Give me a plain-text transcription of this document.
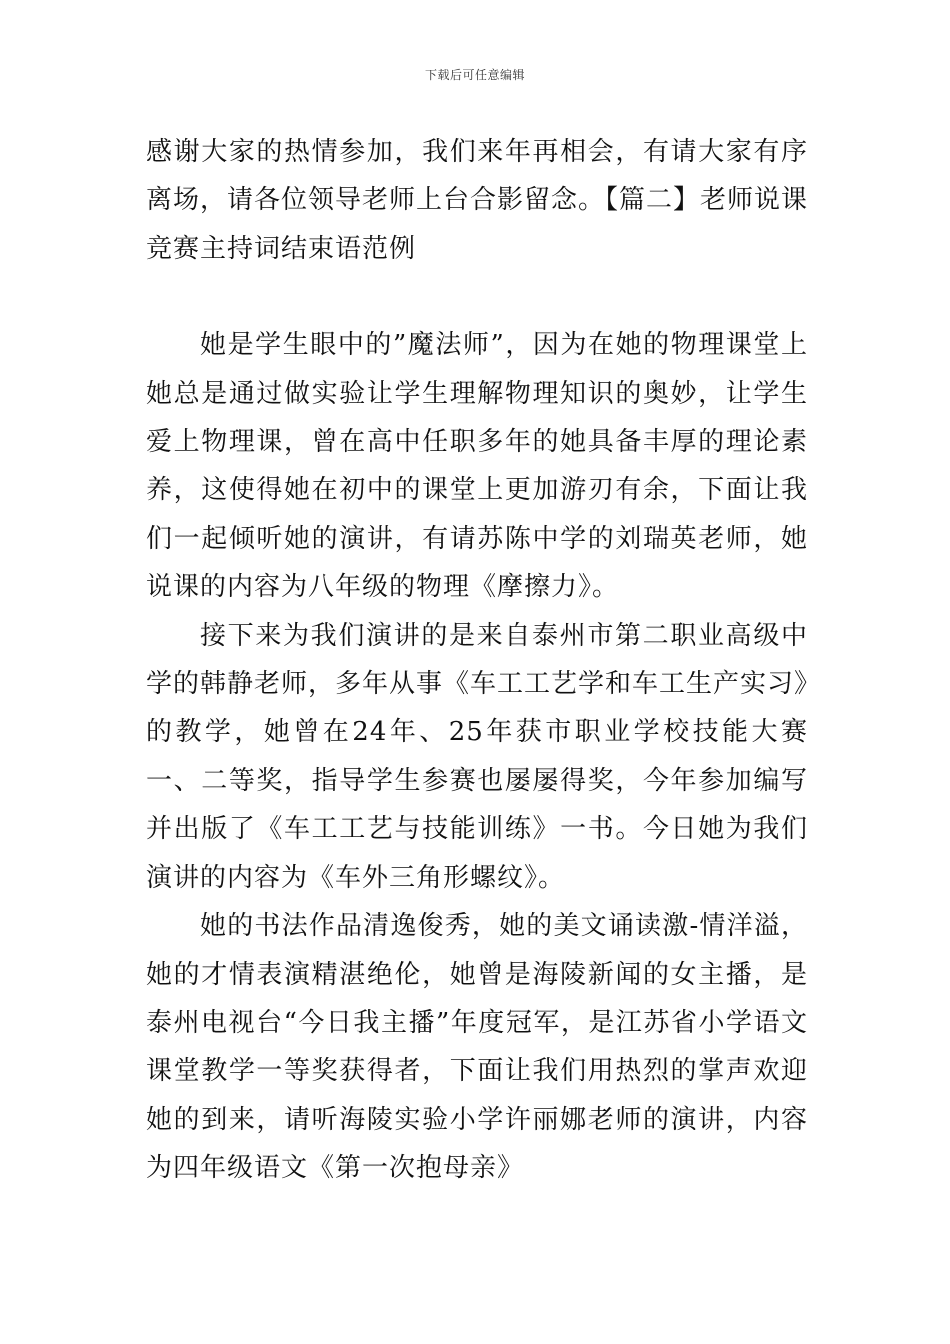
下载后可任意编辑

感谢大家的热情参加，我们来年再相会，有请大家有序离场，请各位领导老师上台合影留念。【篇二】老师说课竞赛主持词结束语范例

她是学生眼中的”魔法师”，因为在她的物理课堂上她总是通过做实验让学生理解物理知识的奥妙，让学生爱上物理课，曾在高中任职多年的她具备丰厚的理论素养，这使得她在初中的课堂上更加游刃有余，下面让我们一起倾听她的演讲，有请苏陈中学的刘瑞英老师，她说课的内容为八年级的物理《摩擦力》。

接下来为我们演讲的是来自泰州市第二职业高级中学的韩静老师，多年从事《车工工艺学和车工生产实习》的教学，她曾在24年、25年获市职业学校技能大赛一、二等奖，指导学生参赛也屡屡得奖，今年参加编写并出版了《车工工艺与技能训练》一书。今日她为我们演讲的内容为《车外三角形螺纹》。

她的书法作品清逸俊秀，她的美文诵读激-情洋溢，她的才情表演精湛绝伦，她曾是海陵新闻的女主播，是泰州电视台“今日我主播”年度冠军，是江苏省小学语文课堂教学一等奖获得者，下面让我们用热烈的掌声欢迎她的到来，请听海陵实验小学许丽娜老师的演讲，内容为四年级语文《第一次抱母亲》
